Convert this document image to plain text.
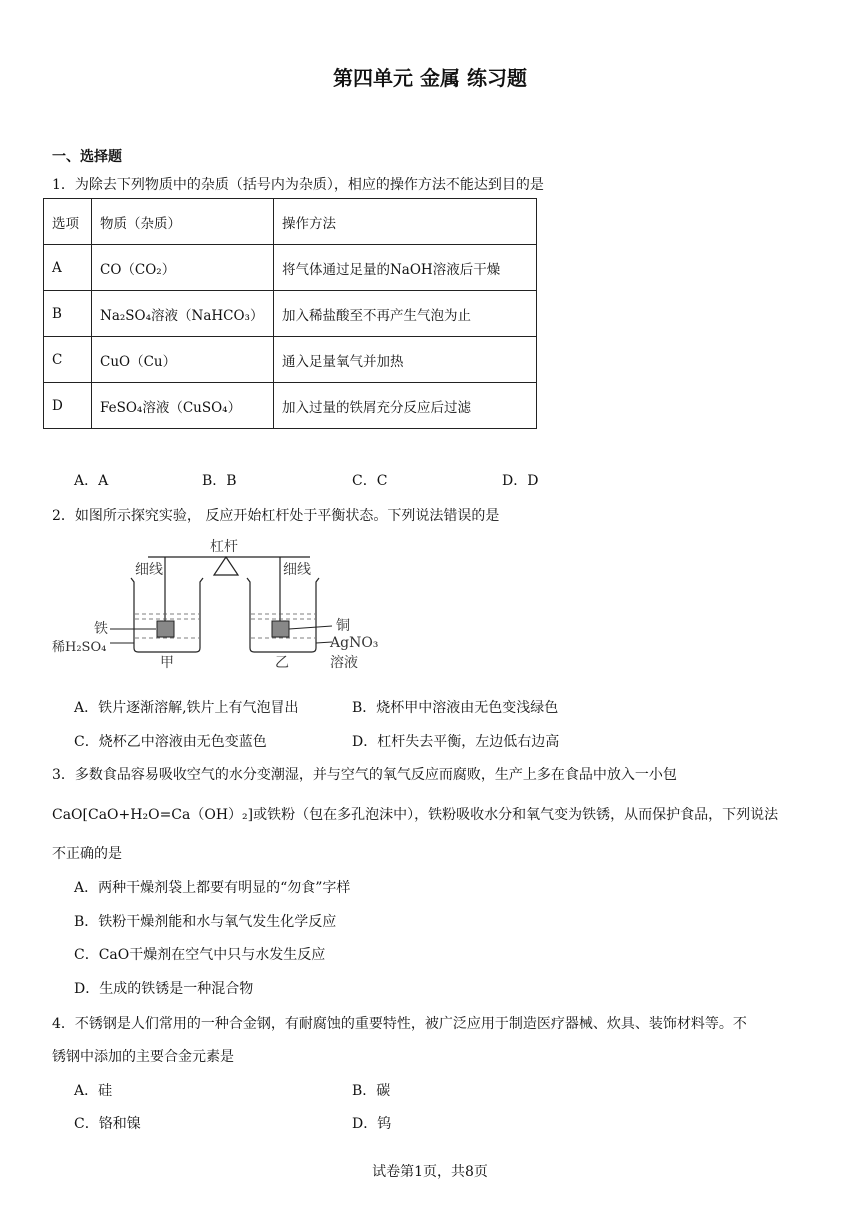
第四单元 金属 练习题
一、选择题
1．为除去下列物质中的杂质（括号内为杂质），相应的操作方法不能达到目的是
选项	物质（杂质）	操作方法
A	CO（CO₂）	将气体通过足量的NaOH溶液后干燥
B	Na₂SO₄溶液（NaHCO₃）	加入稀盐酸至不再产生气泡为止
C	CuO（Cu）	通入足量氧气并加热
D	FeSO₄溶液（CuSO₄）	加入过量的铁屑充分反应后过滤
A．A	B．B	C．C	D．D
2．如图所示探究实验， 反应开始杠杆处于平衡状态。下列说法错误的是
杠杆
细线	细线
铁
稀H₂SO₄
甲	乙
铜
AgNO₃
溶液
A．铁片逐渐溶解,铁片上有气泡冒出	B．烧杯甲中溶液由无色变浅绿色
C．烧杯乙中溶液由无色变蓝色	D．杠杆失去平衡，左边低右边高
3．多数食品容易吸收空气的水分变潮湿，并与空气的氧气反应而腐败，生产上多在食品中放入一小包
CaO[CaO+H₂O=Ca（OH）₂]或铁粉（包在多孔泡沫中），铁粉吸收水分和氧气变为铁锈，从而保护食品，下列说法
不正确的是
A．两种干燥剂袋上都要有明显的“勿食”字样
B．铁粉干燥剂能和水与氧气发生化学反应
C．CaO干燥剂在空气中只与水发生反应
D．生成的铁锈是一种混合物
4．不锈钢是人们常用的一种合金钢，有耐腐蚀的重要特性，被广泛应用于制造医疗器械、炊具、装饰材料等。不
锈钢中添加的主要合金元素是
A．硅	B．碳
C．铬和镍	D．钨
试卷第1页，共8页
